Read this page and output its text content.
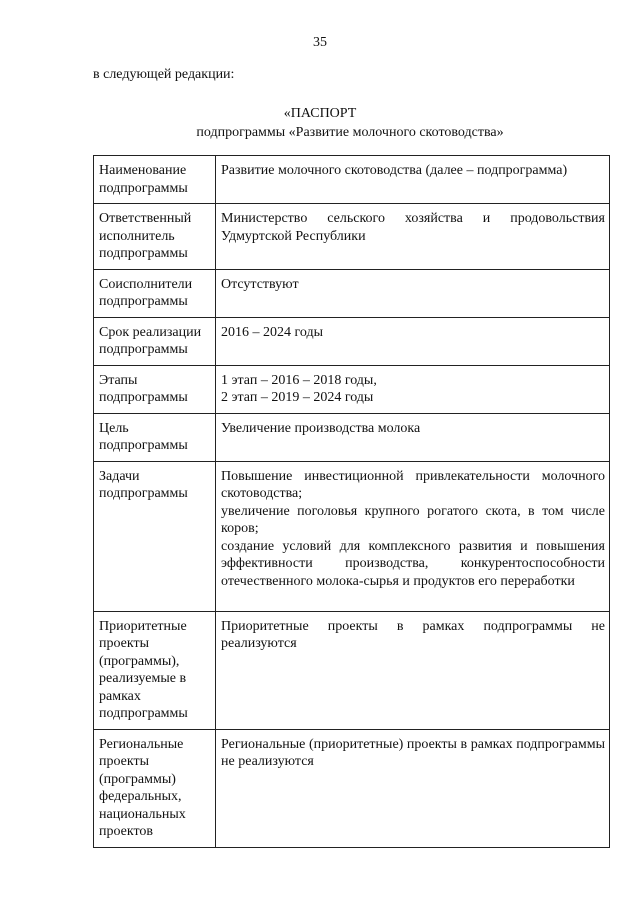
35
в следующей редакции:
«ПАСПОРТ
подпрограммы «Развитие молочного скотоводства»
Наименование подпрограммы	Развитие молочного скотоводства (далее – подпрограмма)

Ответственный исполнитель подпрограммы	Министерство сельского хозяйства и продовольствия Удмуртской Республики

Соисполнители подпрограммы	Отсутствуют

Срок реализации подпрограммы	2016 – 2024 годы

Этапы подпрограммы	1 этап – 2016 – 2018 годы,
2 этап – 2019 – 2024 годы

Цель подпрограммы	Увеличение производства молока

Задачи подпрограммы	Повышение инвестиционной привлекательности молочного скотоводства;
увеличение поголовья крупного рогатого скота, в том числе коров;
создание условий для комплексного развития и повышения эффективности производства, конкурентоспособности отечественного молока-сырья и продуктов его переработки

Приоритетные проекты (программы), реализуемые в рамках подпрограммы	Приоритетные проекты в рамках подпрограммы не реализуются

Региональные проекты (программы) федеральных, национальных проектов	Региональные (приоритетные) проекты в рамках подпрограммы не реализуются
